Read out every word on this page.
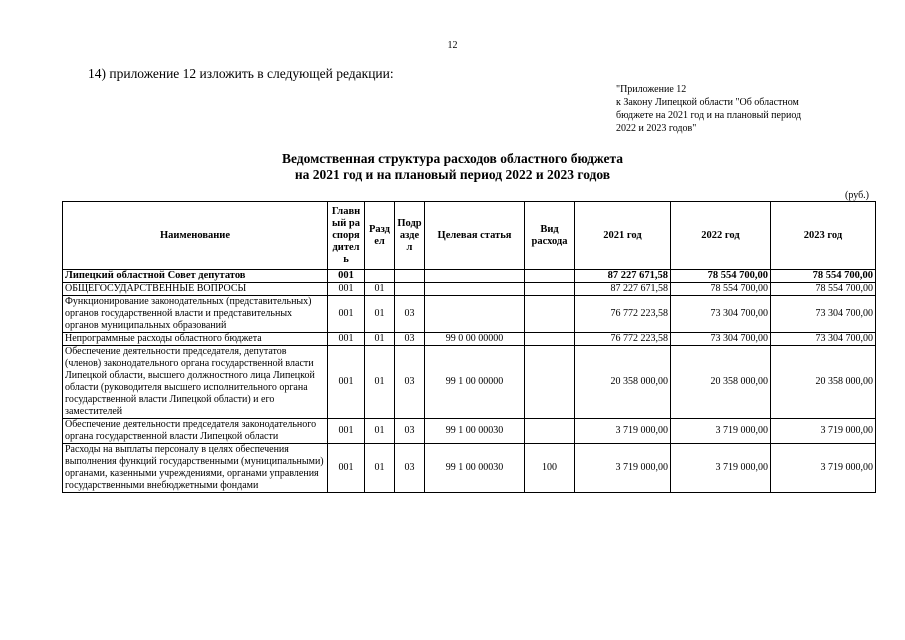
12
14) приложение 12 изложить в следующей редакции:
"Приложение 12
к Закону Липецкой области "Об областном
бюджете на 2021 год и на плановый период
2022 и 2023 годов"
Ведомственная структура расходов областного бюджета
на 2021 год и на плановый период 2022 и 2023 годов
(руб.)
Наименование	Главный распорядитель	Раздел	Подраздел	Целевая статья	Вид расхода	2021 год	2022 год	2023 год
Липецкий областной Совет депутатов	001					87 227 671,58	78 554 700,00	78 554 700,00
ОБЩЕГОСУДАРСТВЕННЫЕ ВОПРОСЫ	001	01				87 227 671,58	78 554 700,00	78 554 700,00
Функционирование законодательных (представительных) органов государственной власти и представительных органов муниципальных образований	001	01	03			76 772 223,58	73 304 700,00	73 304 700,00
Непрограммные расходы областного бюджета	001	01	03	99 0 00 00000		76 772 223,58	73 304 700,00	73 304 700,00
Обеспечение деятельности председателя, депутатов (членов) законодательного органа государственной власти Липецкой области, высшего должностного лица Липецкой области (руководителя высшего исполнительного органа государственной власти Липецкой области) и его заместителей	001	01	03	99 1 00 00000		20 358 000,00	20 358 000,00	20 358 000,00
Обеспечение деятельности председателя законодательного органа государственной власти Липецкой области	001	01	03	99 1 00 00030		3 719 000,00	3 719 000,00	3 719 000,00
Расходы на выплаты персоналу в целях обеспечения выполнения функций государственными (муниципальными) органами, казенными учреждениями, органами управления государственными внебюджетными фондами	001	01	03	99 1 00 00030	100	3 719 000,00	3 719 000,00	3 719 000,00
